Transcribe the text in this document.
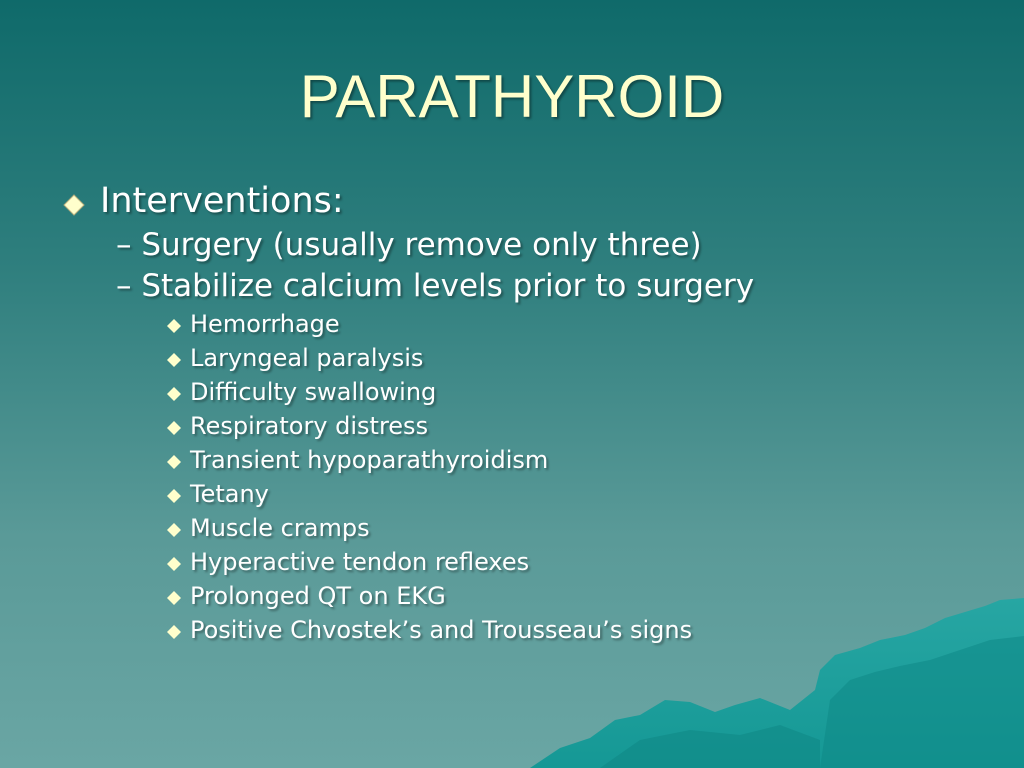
PARATHYROID
Interventions:
– Surgery (usually remove only three)
– Stabilize calcium levels prior to surgery
Hemorrhage
Laryngeal paralysis
Difficulty swallowing
Respiratory distress
Transient hypoparathyroidism
Tetany
Muscle cramps
Hyperactive tendon reflexes
Prolonged QT on EKG
Positive Chvostek’s and Trousseau’s signs
